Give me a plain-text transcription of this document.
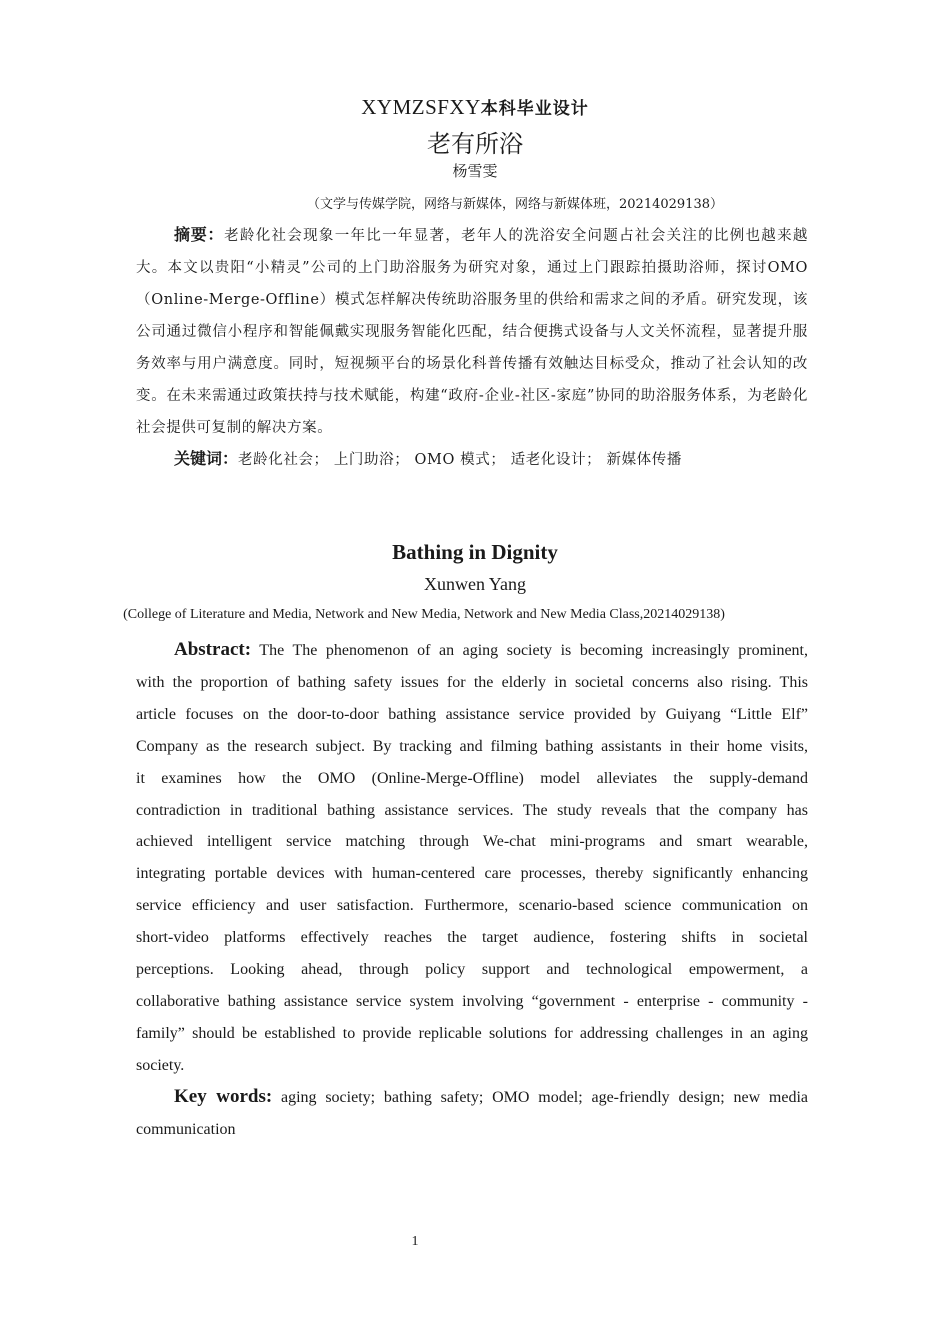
XYMZSFXY本科毕业设计
老有所浴
杨雪雯
（文学与传媒学院，网络与新媒体，网络与新媒体班，20214029138）

摘要：老龄化社会现象一年比一年显著，老年人的洗浴安全问题占社会关注的比例也越来越大。本文以贵阳“小精灵”公司的上门助浴服务为研究对象，通过上门跟踪拍摄助浴师，探讨OMO（Online-Merge-Offline）模式怎样解决传统助浴服务里的供给和需求之间的矛盾。研究发现，该公司通过微信小程序和智能佩戴实现服务智能化匹配，结合便携式设备与人文关怀流程，显著提升服务效率与用户满意度。同时，短视频平台的场景化科普传播有效触达目标受众，推动了社会认知的改变。在未来需通过政策扶持与技术赋能，构建“政府-企业-社区-家庭”协同的助浴服务体系，为老龄化社会提供可复制的解决方案。

关键词：老龄化社会； 上门助浴； OMO 模式； 适老化设计； 新媒体传播

Bathing in Dignity
Xunwen Yang
(College of Literature and Media, Network and New Media, Network and New Media Class,20214029138)

Abstract: The The phenomenon of an aging society is becoming increasingly prominent, with the proportion of bathing safety issues for the elderly in societal concerns also rising. This article focuses on the door-to-door bathing assistance service provided by Guiyang “Little Elf” Company as the research subject. By tracking and filming bathing assistants in their home visits, it examines how the OMO (Online-Merge-Offline) model alleviates the supply-demand contradiction in traditional bathing assistance services. The study reveals that the company has achieved intelligent service matching through We-chat mini-programs and smart wearable, integrating portable devices with human-centered care processes, thereby significantly enhancing service efficiency and user satisfaction. Furthermore, scenario-based science communication on short-video platforms effectively reaches the target audience, fostering shifts in societal perceptions. Looking ahead, through policy support and technological empowerment, a collaborative bathing assistance service system involving “government - enterprise - community - family” should be established to provide replicable solutions for addressing challenges in an aging society.

Key words: aging society; bathing safety; OMO model; age-friendly design; new media communication

1
